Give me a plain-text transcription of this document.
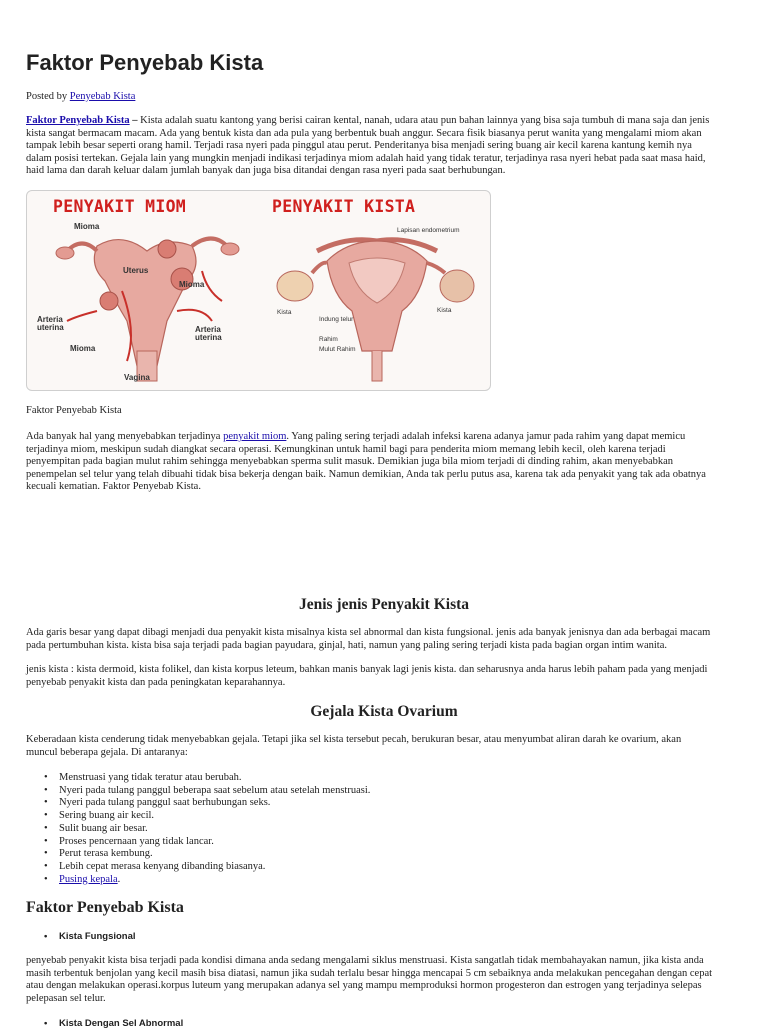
Faktor Penyebab Kista
Posted by Penyebab Kista
Faktor Penyebab Kista – Kista adalah suatu kantong yang berisi cairan kental, nanah, udara atau pun bahan lainnya yang bisa saja tumbuh di mana saja dan jenis
kista sangat bermacam macam. Ada yang bentuk kista dan ada pula yang berbentuk buah anggur. Secara fisik biasanya perut wanita yang mengalami miom akan
tampak lebih besar seperti orang hamil. Terjadi rasa nyeri pada pinggul atau perut. Penderitanya bisa menjadi sering buang air kecil karena kantung kemih nya
dalam posisi tertekan. Gejala lain yang mungkin menjadi indikasi terjadinya miom adalah haid yang tidak teratur, terjadinya rasa nyeri hebat pada saat masa haid,
haid lama dan darah keluar dalam jumlah banyak dan juga bisa ditandai dengan rasa nyeri pada saat berhubungan.
PENYAKIT MIOM	PENYAKIT KISTA
Mioma
Uterus
Mioma
Arteria uterina	Arteria uterina
Mioma
Vagina
Lapisan endometrium
Kista	Kista
Indung telur
Rahim
Mulut Rahim
Faktor Penyebab Kista
Ada banyak hal yang menyebabkan terjadinya penyakit miom. Yang paling sering terjadi adalah infeksi karena adanya jamur pada rahim yang dapat memicu
terjadinya miom, meskipun sudah diangkat secara operasi. Kemungkinan untuk hamil bagi para penderita miom memang lebih kecil, oleh karena terjadi
penyempitan pada bagian mulut rahim sehingga menyebabkan sperma sulit masuk. Demikian juga bila miom terjadi di dinding rahim, akan menyebabkan
penempelan sel telur yang telah dibuahi tidak bisa bekerja dengan baik. Namun demikian, Anda tak perlu putus asa, karena tak ada penyakit yang tak ada obatnya
kecuali kematian. Faktor Penyebab Kista.
Jenis jenis Penyakit Kista
Ada garis besar yang dapat dibagi menjadi dua penyakit kista misalnya kista sel abnormal dan kista fungsional. jenis ada banyak jenisnya dan ada berbagai macam
pada pertumbuhan kista. kista bisa saja terjadi pada bagian payudara, ginjal, hati, namun yang paling sering terjadi kista pada bagian organ intim wanita.
jenis kista : kista dermoid, kista folikel, dan kista korpus leteum, bahkan manis banyak lagi jenis kista. dan seharusnya anda harus lebih paham pada yang menjadi
penyebab penyakit kista dan pada peningkatan keparahannya.
Gejala Kista Ovarium
Keberadaan kista cenderung tidak menyebabkan gejala. Tetapi jika sel kista tersebut pecah, berukuran besar, atau menyumbat aliran darah ke ovarium, akan
muncul beberapa gejala. Di antaranya:
• Menstruasi yang tidak teratur atau berubah.
• Nyeri pada tulang panggul beberapa saat sebelum atau setelah menstruasi.
• Nyeri pada tulang panggul saat berhubungan seks.
• Sering buang air kecil.
• Sulit buang air besar.
• Proses pencernaan yang tidak lancar.
• Perut terasa kembung.
• Lebih cepat merasa kenyang dibanding biasanya.
• Pusing kepala.
Faktor Penyebab Kista
• Kista Fungsional
penyebab penyakit kista bisa terjadi pada kondisi dimana anda sedang mengalami siklus menstruasi. Kista sangatlah tidak membahayakan namun, jika kista anda
masih terbentuk benjolan yang kecil masih bisa diatasi, namun jika sudah terlalu besar hingga mencapai 5 cm sebaiknya anda melakukan pencegahan dengan cepat
atau dengan melakukan operasi.korpus luteum yang merupakan adanya sel yang mampu memproduksi hormon progesteron dan estrogen yang terjadinya selepas
pelepasan sel telur.
• Kista Dengan Sel Abnormal
